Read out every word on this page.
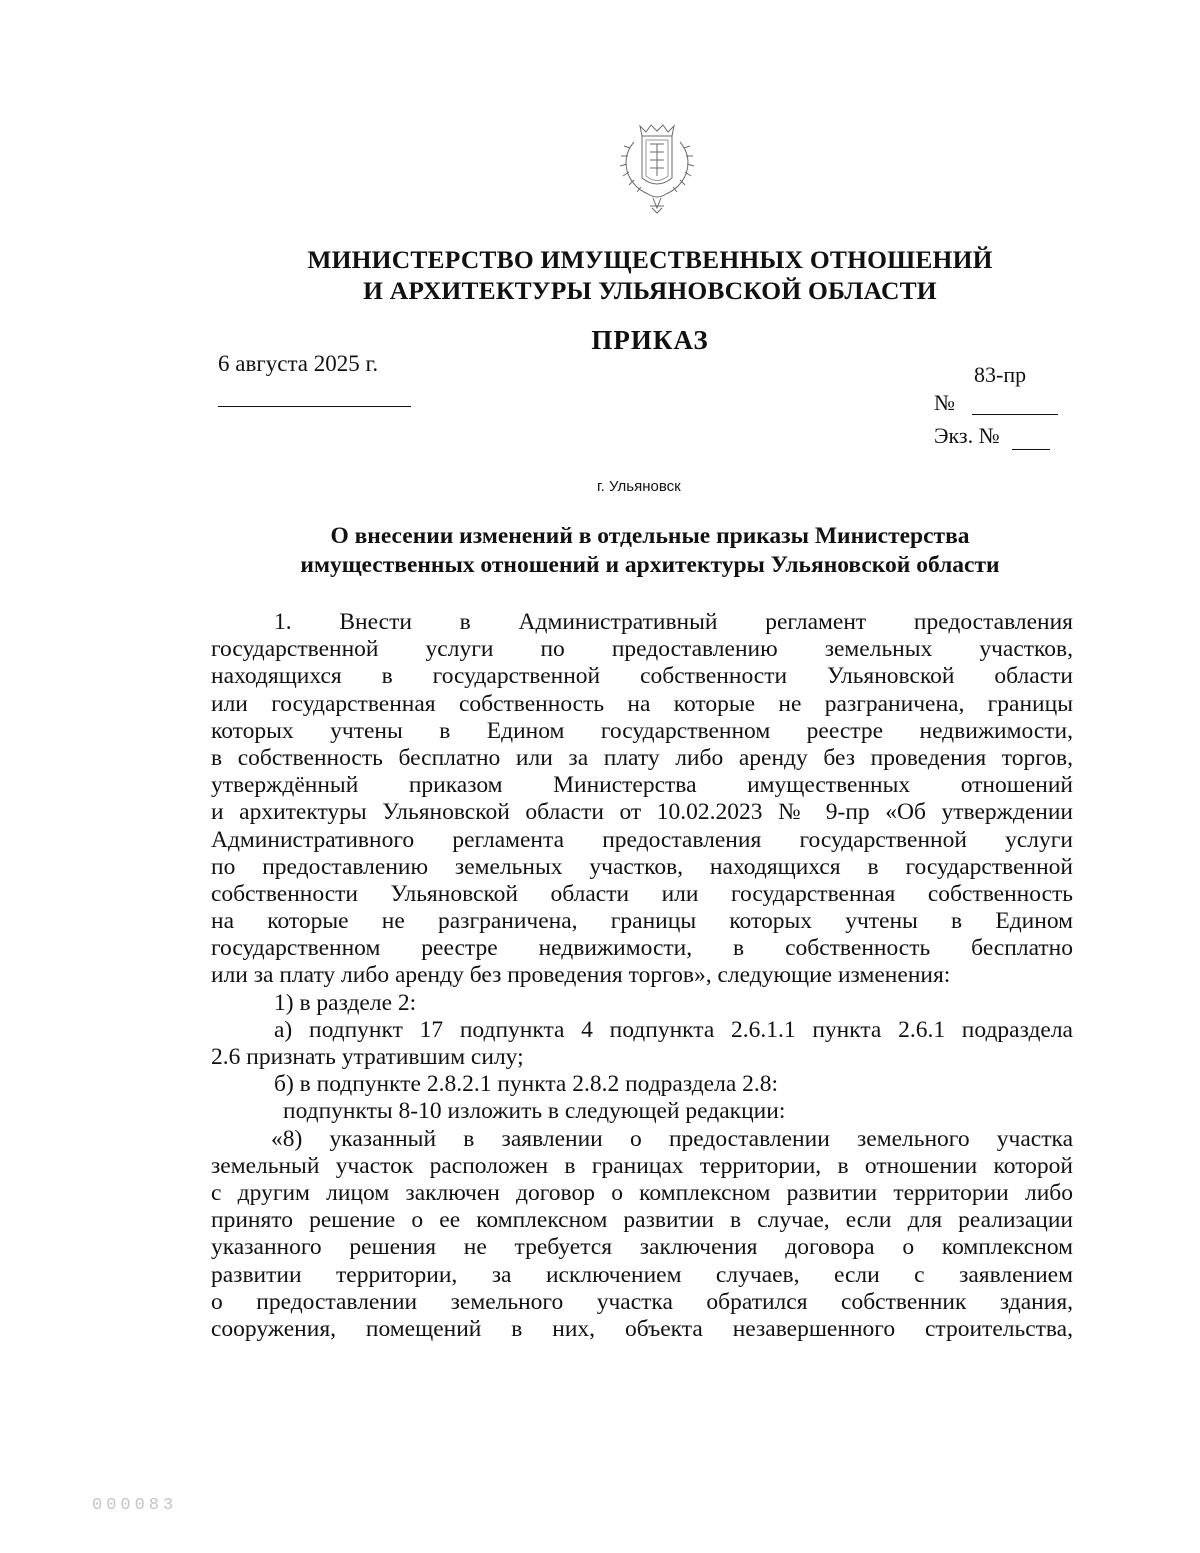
МИНИСТЕРСТВО ИМУЩЕСТВЕННЫХ ОТНОШЕНИЙ
И АРХИТЕКТУРЫ УЛЬЯНОВСКОЙ ОБЛАСТИ
ПРИКАЗ
6 августа 2025 г.	83-пр
№
Экз. №
г. Ульяновск
О внесении изменений в отдельные приказы Министерства
имущественных отношений и архитектуры Ульяновской области
1. Внести в Административный регламент предоставления
государственной услуги по предоставлению земельных участков,
находящихся в государственной собственности Ульяновской области
или государственная собственность на которые не разграничена, границы
которых учтены в Едином государственном реестре недвижимости,
в собственность бесплатно или за плату либо аренду без проведения торгов,
утверждённый приказом Министерства имущественных отношений
и архитектуры Ульяновской области от 10.02.2023 № 9-пр «Об утверждении
Административного регламента предоставления государственной услуги
по предоставлению земельных участков, находящихся в государственной
собственности Ульяновской области или государственная собственность
на которые не разграничена, границы которых учтены в Едином
государственном реестре недвижимости, в собственность бесплатно
или за плату либо аренду без проведения торгов», следующие изменения:
1) в разделе 2:
а) подпункт 17 подпункта 4 подпункта 2.6.1.1 пункта 2.6.1 подраздела
2.6 признать утратившим силу;
б) в подпункте 2.8.2.1 пункта 2.8.2 подраздела 2.8:
подпункты 8-10 изложить в следующей редакции:
«8) указанный в заявлении о предоставлении земельного участка
земельный участок расположен в границах территории, в отношении которой
с другим лицом заключен договор о комплексном развитии территории либо
принято решение о ее комплексном развитии в случае, если для реализации
указанного решения не требуется заключения договора о комплексном
развитии территории, за исключением случаев, если с заявлением
о предоставлении земельного участка обратился собственник здания,
сооружения, помещений в них, объекта незавершенного строительства,
000083
